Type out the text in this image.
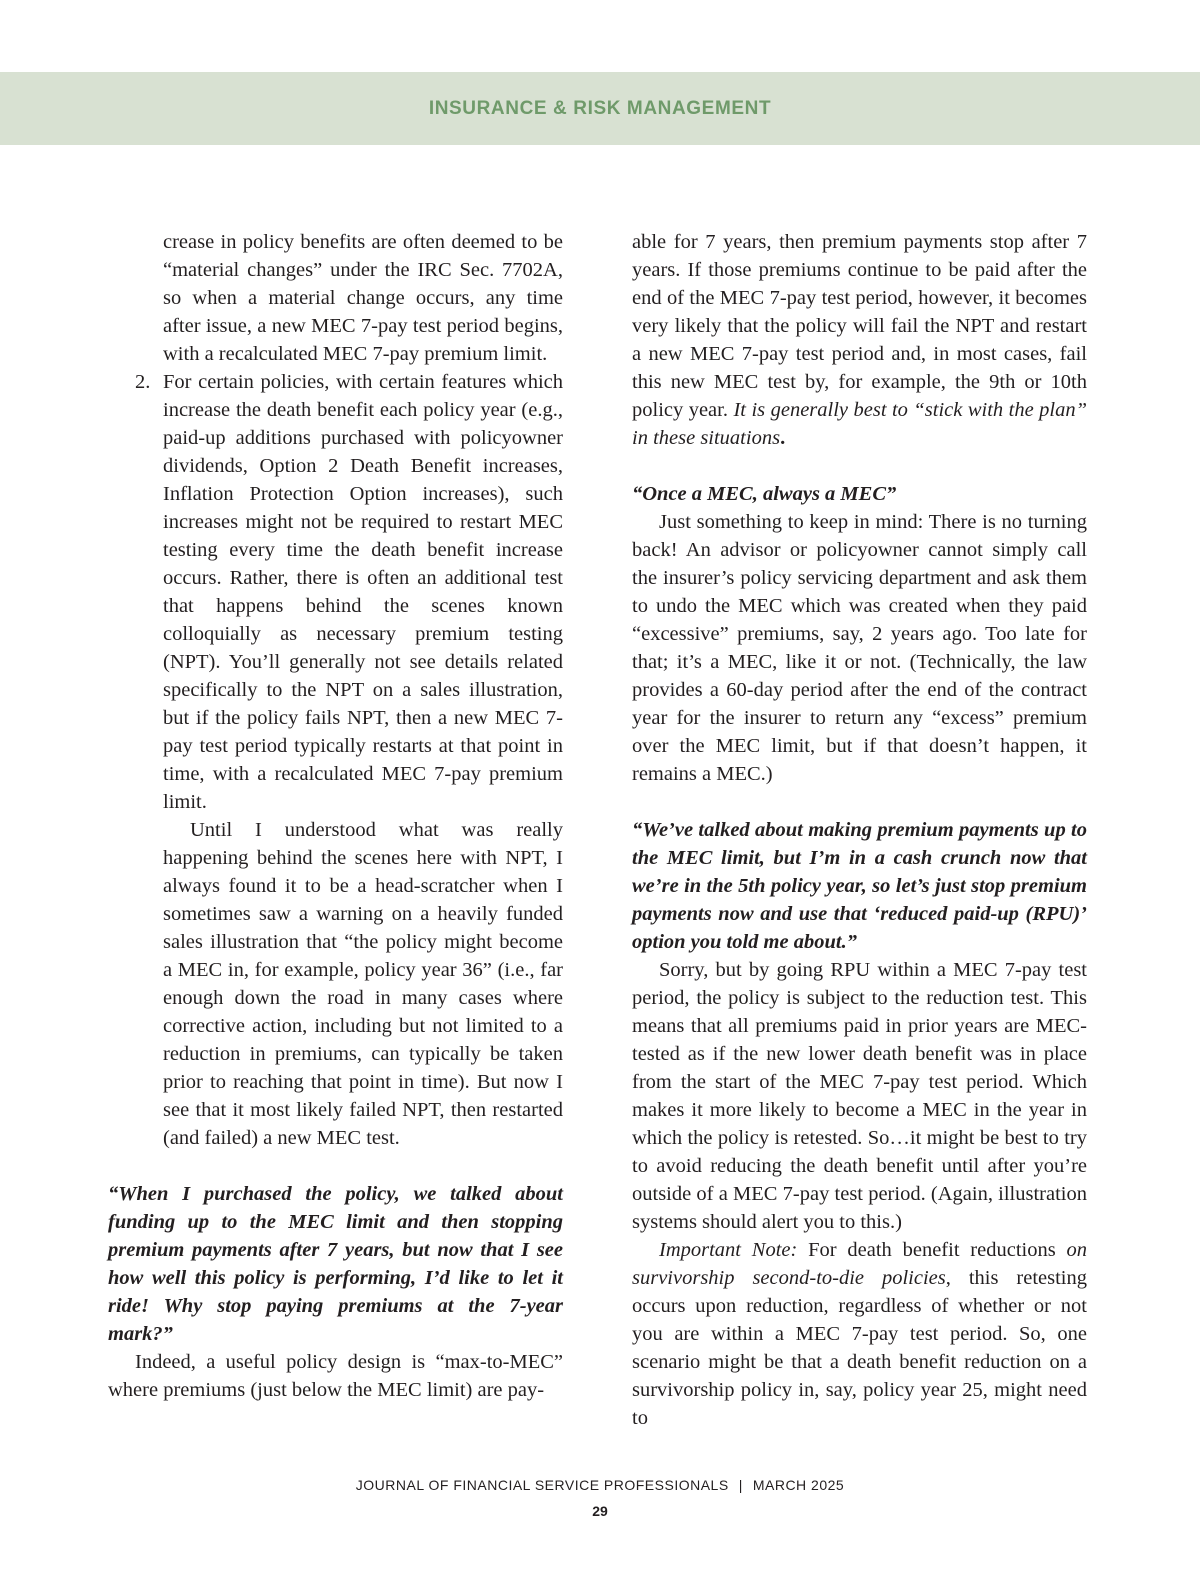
INSURANCE & RISK MANAGEMENT

crease in policy benefits are often deemed to be “material changes” under the IRC Sec. 7702A, so when a material change occurs, any time after issue, a new MEC 7-pay test period begins, with a recalculated MEC 7-pay premium limit.

2. For certain policies, with certain features which increase the death benefit each policy year (e.g., paid-up additions purchased with policyowner dividends, Option 2 Death Benefit increases, Inflation Protection Option increases), such increases might not be required to restart MEC testing every time the death benefit increase occurs. Rather, there is often an additional test that happens behind the scenes known colloquially as necessary premium testing (NPT). You’ll generally not see details related specifically to the NPT on a sales illustration, but if the policy fails NPT, then a new MEC 7-pay test period typically restarts at that point in time, with a recalculated MEC 7-pay premium limit.

Until I understood what was really happening behind the scenes here with NPT, I always found it to be a head-scratcher when I sometimes saw a warning on a heavily funded sales illustration that “the policy might become a MEC in, for example, policy year 36” (i.e., far enough down the road in many cases where corrective action, including but not limited to a reduction in premiums, can typically be taken prior to reaching that point in time). But now I see that it most likely failed NPT, then restarted (and failed) a new MEC test.

“When I purchased the policy, we talked about funding up to the MEC limit and then stopping premium payments after 7 years, but now that I see how well this policy is performing, I’d like to let it ride! Why stop paying premiums at the 7-year mark?”

Indeed, a useful policy design is “max-to-MEC” where premiums (just below the MEC limit) are pay-

able for 7 years, then premium payments stop after 7 years. If those premiums continue to be paid after the end of the MEC 7-pay test period, however, it becomes very likely that the policy will fail the NPT and restart a new MEC 7-pay test period and, in most cases, fail this new MEC test by, for example, the 9th or 10th policy year. It is generally best to “stick with the plan” in these situations.

“Once a MEC, always a MEC”

Just something to keep in mind: There is no turning back! An advisor or policyowner cannot simply call the insurer’s policy servicing department and ask them to undo the MEC which was created when they paid “excessive” premiums, say, 2 years ago. Too late for that; it’s a MEC, like it or not. (Technically, the law provides a 60-day period after the end of the contract year for the insurer to return any “excess” premium over the MEC limit, but if that doesn’t happen, it remains a MEC.)

“We’ve talked about making premium payments up to the MEC limit, but I’m in a cash crunch now that we’re in the 5th policy year, so let’s just stop premium payments now and use that ‘reduced paid-up (RPU)’ option you told me about.”

Sorry, but by going RPU within a MEC 7-pay test period, the policy is subject to the reduction test. This means that all premiums paid in prior years are MEC-tested as if the new lower death benefit was in place from the start of the MEC 7-pay test period. Which makes it more likely to become a MEC in the year in which the policy is retested. So…it might be best to try to avoid reducing the death benefit until after you’re outside of a MEC 7-pay test period. (Again, illustration systems should alert you to this.)

Important Note: For death benefit reductions on survivorship second-to-die policies, this retesting occurs upon reduction, regardless of whether or not you are within a MEC 7-pay test period. So, one scenario might be that a death benefit reduction on a survivorship policy in, say, policy year 25, might need to

JOURNAL OF FINANCIAL SERVICE PROFESSIONALS | MARCH 2025
29
